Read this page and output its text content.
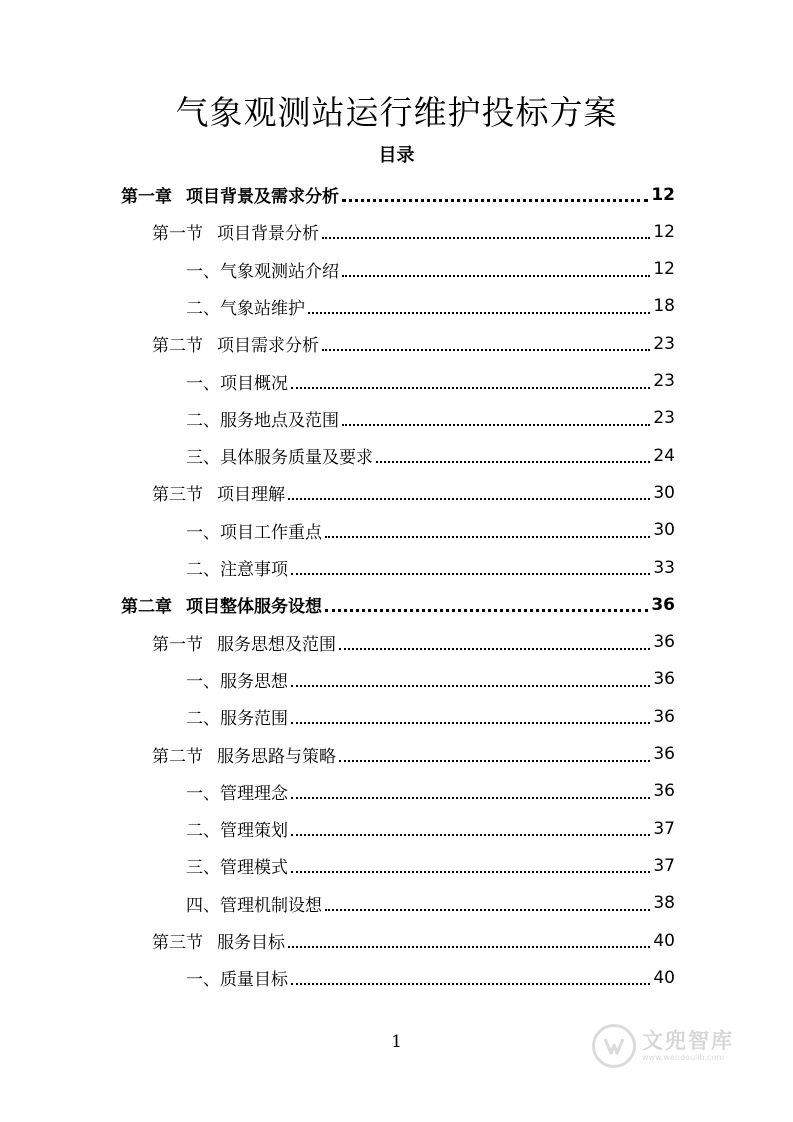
气象观测站运行维护投标方案
目录
第一章 项目背景及需求分析	12
第一节 项目背景分析	12
一、 气象观测站介绍	12
二、 气象站维护	18
第二节 项目需求分析	23
一、 项目概况	23
二、 服务地点及范围	23
三、 具体服务质量及要求	24
第三节 项目理解	30
一、 项目工作重点	30
二、 注意事项	33
第二章 项目整体服务设想	36
第一节 服务思想及范围	36
一、 服务思想	36
二、 服务范围	36
第二节 服务思路与策略	36
一、 管理理念	36
二、 管理策划	37
三、 管理模式	37
四、 管理机制设想	38
第三节 服务目标	40
一、 质量目标	40
1	文兜智库
www.wendoulib.com
